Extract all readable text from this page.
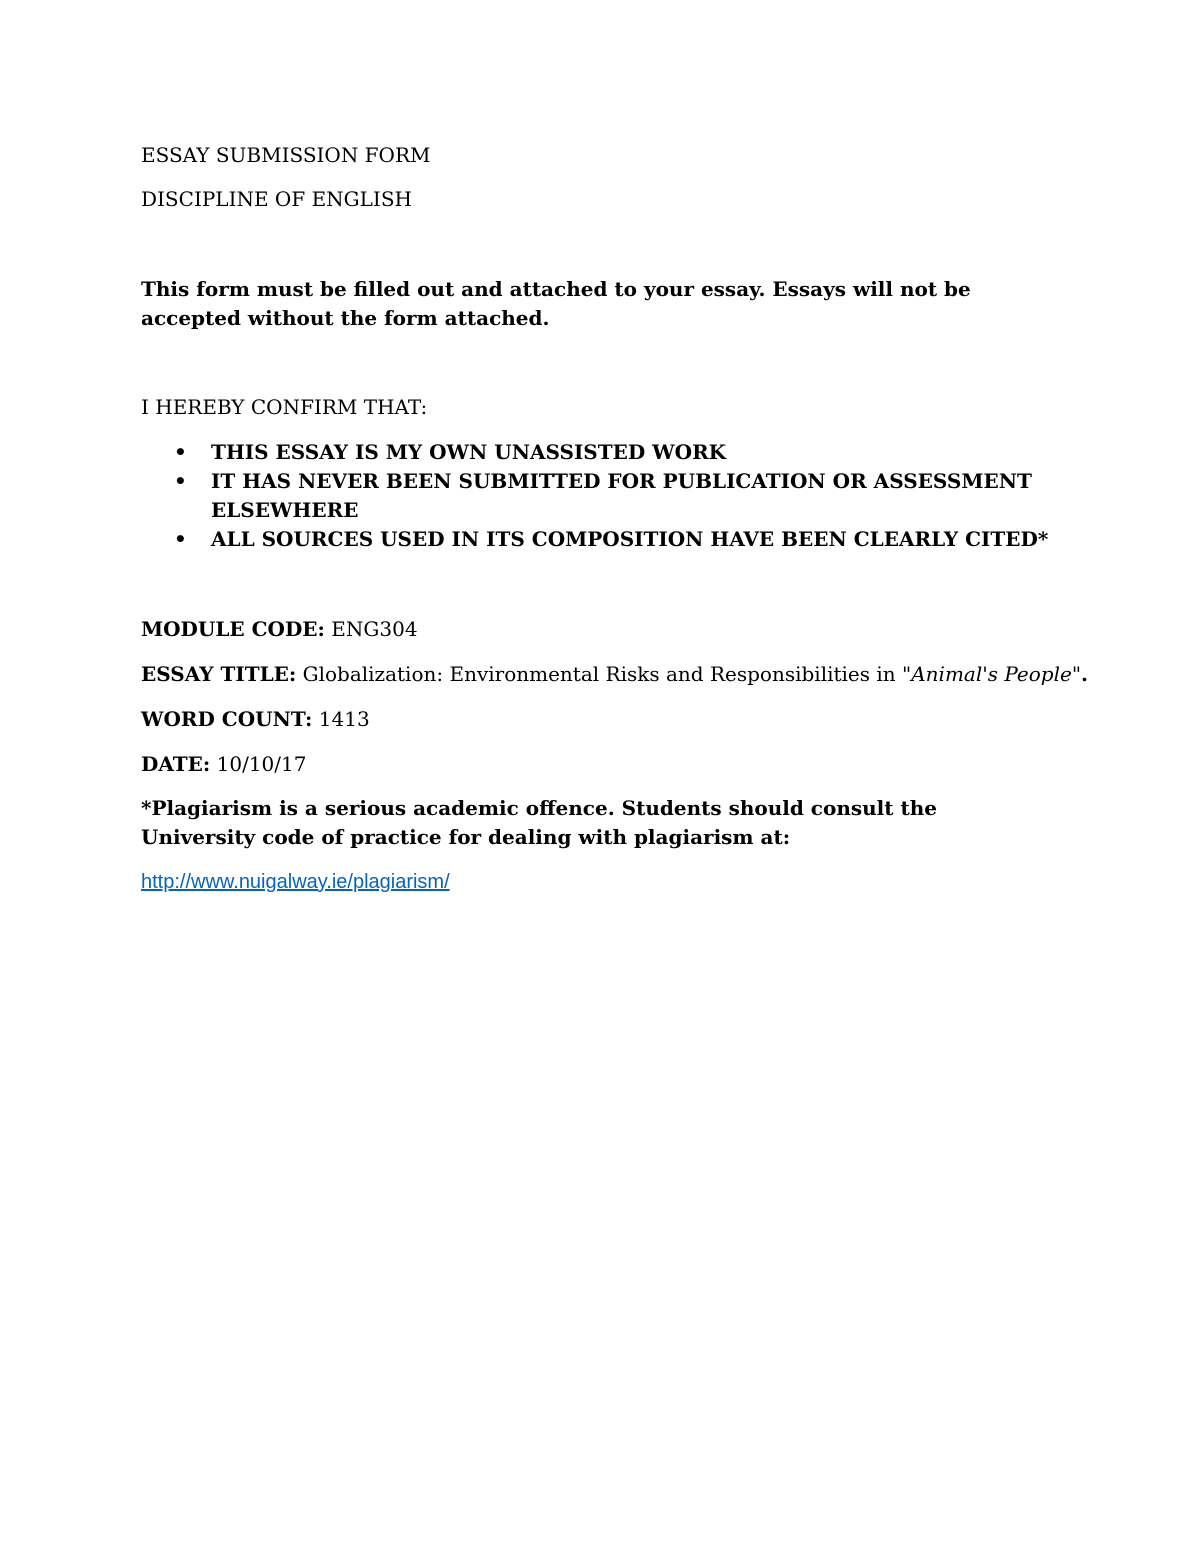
ESSAY SUBMISSION FORM
DISCIPLINE OF ENGLISH
This form must be filled out and attached to your essay. Essays will not be accepted without the form attached.
I HEREBY CONFIRM THAT:
• THIS ESSAY IS MY OWN UNASSISTED WORK
• IT HAS NEVER BEEN SUBMITTED FOR PUBLICATION OR ASSESSMENT ELSEWHERE
• ALL SOURCES USED IN ITS COMPOSITION HAVE BEEN CLEARLY CITED*
MODULE CODE: ENG304
ESSAY TITLE: Globalization: Environmental Risks and Responsibilities in "Animal's People".
WORD COUNT: 1413
DATE: 10/10/17
*Plagiarism is a serious academic offence. Students should consult the University code of practice for dealing with plagiarism at:
http://www.nuigalway.ie/plagiarism/
